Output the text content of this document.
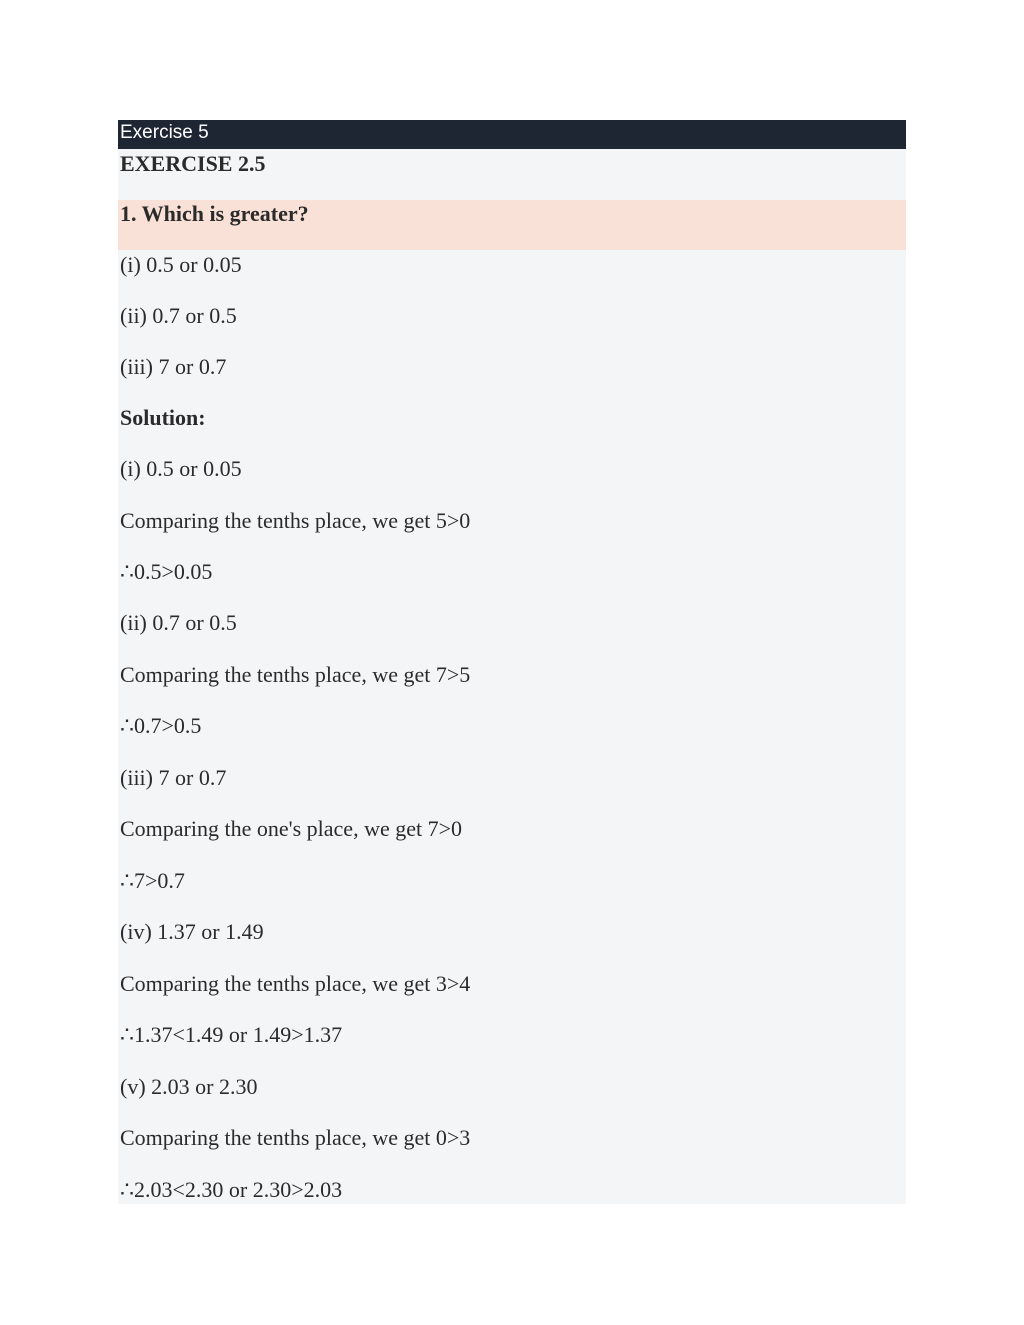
Exercise 5
EXERCISE 2.5
1. Which is greater?
(i) 0.5 or 0.05
(ii) 0.7 or 0.5
(iii) 7 or 0.7
Solution:
(i) 0.5 or 0.05
Comparing the tenths place, we get 5>0
∴0.5>0.05
(ii) 0.7 or 0.5
Comparing the tenths place, we get 7>5
∴0.7>0.5
(iii) 7 or 0.7
Comparing the one's place, we get 7>0
∴7>0.7
(iv) 1.37 or 1.49
Comparing the tenths place, we get 3>4
∴1.37<1.49 or 1.49>1.37
(v) 2.03 or 2.30
Comparing the tenths place, we get 0>3
∴2.03<2.30 or 2.30>2.03
